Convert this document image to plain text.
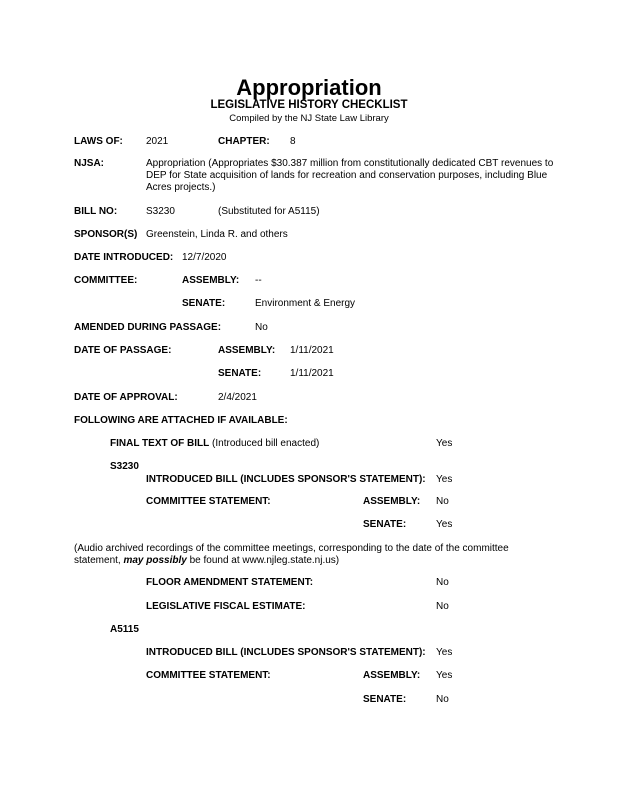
Appropriation
LEGISLATIVE HISTORY CHECKLIST
Compiled by the NJ State Law Library
LAWS OF: 2021	CHAPTER: 8
NJSA:	Appropriation (Appropriates $30.387 million from constitutionally dedicated CBT revenues to
DEP for State acquisition of lands for recreation and conservation purposes, including Blue
Acres projects.)
BILL NO:	S3230	(Substituted for A5115)
SPONSOR(S) Greenstein, Linda R. and others
DATE INTRODUCED: 12/7/2020
COMMITTEE:	ASSEMBLY: --
SENATE:	Environment & Energy
AMENDED DURING PASSAGE:	No
DATE OF PASSAGE:	ASSEMBLY: 1/11/2021
SENATE:	1/11/2021
DATE OF APPROVAL:	2/4/2021
FOLLOWING ARE ATTACHED IF AVAILABLE:
FINAL TEXT OF BILL (Introduced bill enacted)	Yes
S3230
INTRODUCED BILL (INCLUDES SPONSOR'S STATEMENT): Yes
COMMITTEE STATEMENT:	ASSEMBLY: No
SENATE:	Yes
(Audio archived recordings of the committee meetings, corresponding to the date of the committee
statement, may possibly be found at www.njleg.state.nj.us)
FLOOR AMENDMENT STATEMENT:	No
LEGISLATIVE FISCAL ESTIMATE:	No
A5115
INTRODUCED BILL (INCLUDES SPONSOR'S STATEMENT): Yes
COMMITTEE STATEMENT:	ASSEMBLY: Yes
SENATE:	No
